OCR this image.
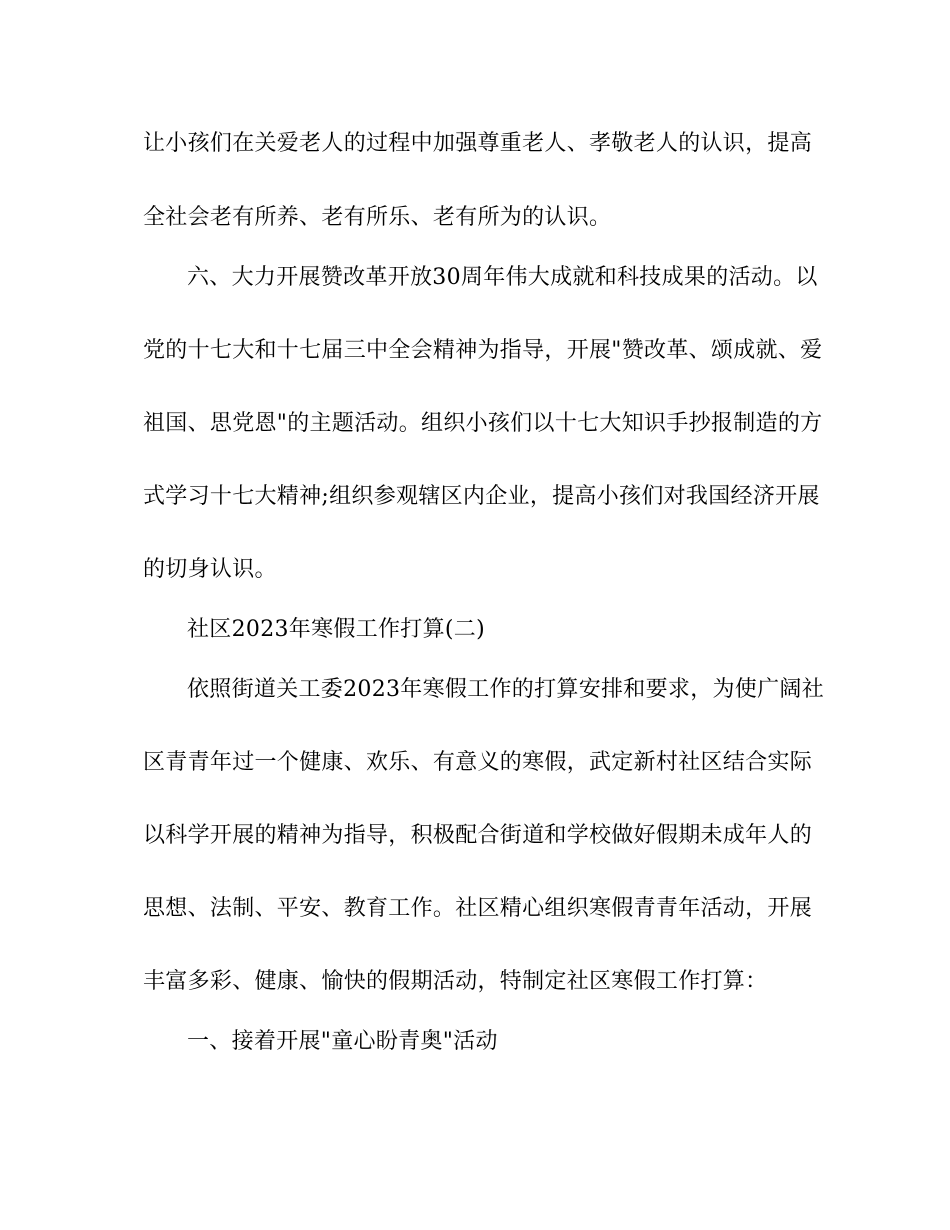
让小孩们在关爱老人的过程中加强尊重老人、孝敬老人的认识，提高
全社会老有所养、老有所乐、老有所为的认识。
六、大力开展赞改革开放30周年伟大成就和科技成果的活动。以
党的十七大和十七届三中全会精神为指导，开展"赞改革、颂成就、爱
祖国、思党恩"的主题活动。组织小孩们以十七大知识手抄报制造的方
式学习十七大精神;组织参观辖区内企业，提高小孩们对我国经济开展
的切身认识。
社区2023年寒假工作打算(二)
依照街道关工委2023年寒假工作的打算安排和要求，为使广阔社
区青青年过一个健康、欢乐、有意义的寒假，武定新村社区结合实际
以科学开展的精神为指导，积极配合街道和学校做好假期未成年人的
思想、法制、平安、教育工作。社区精心组织寒假青青年活动，开展
丰富多彩、健康、愉快的假期活动，特制定社区寒假工作打算：
一、接着开展"童心盼青奥"活动
